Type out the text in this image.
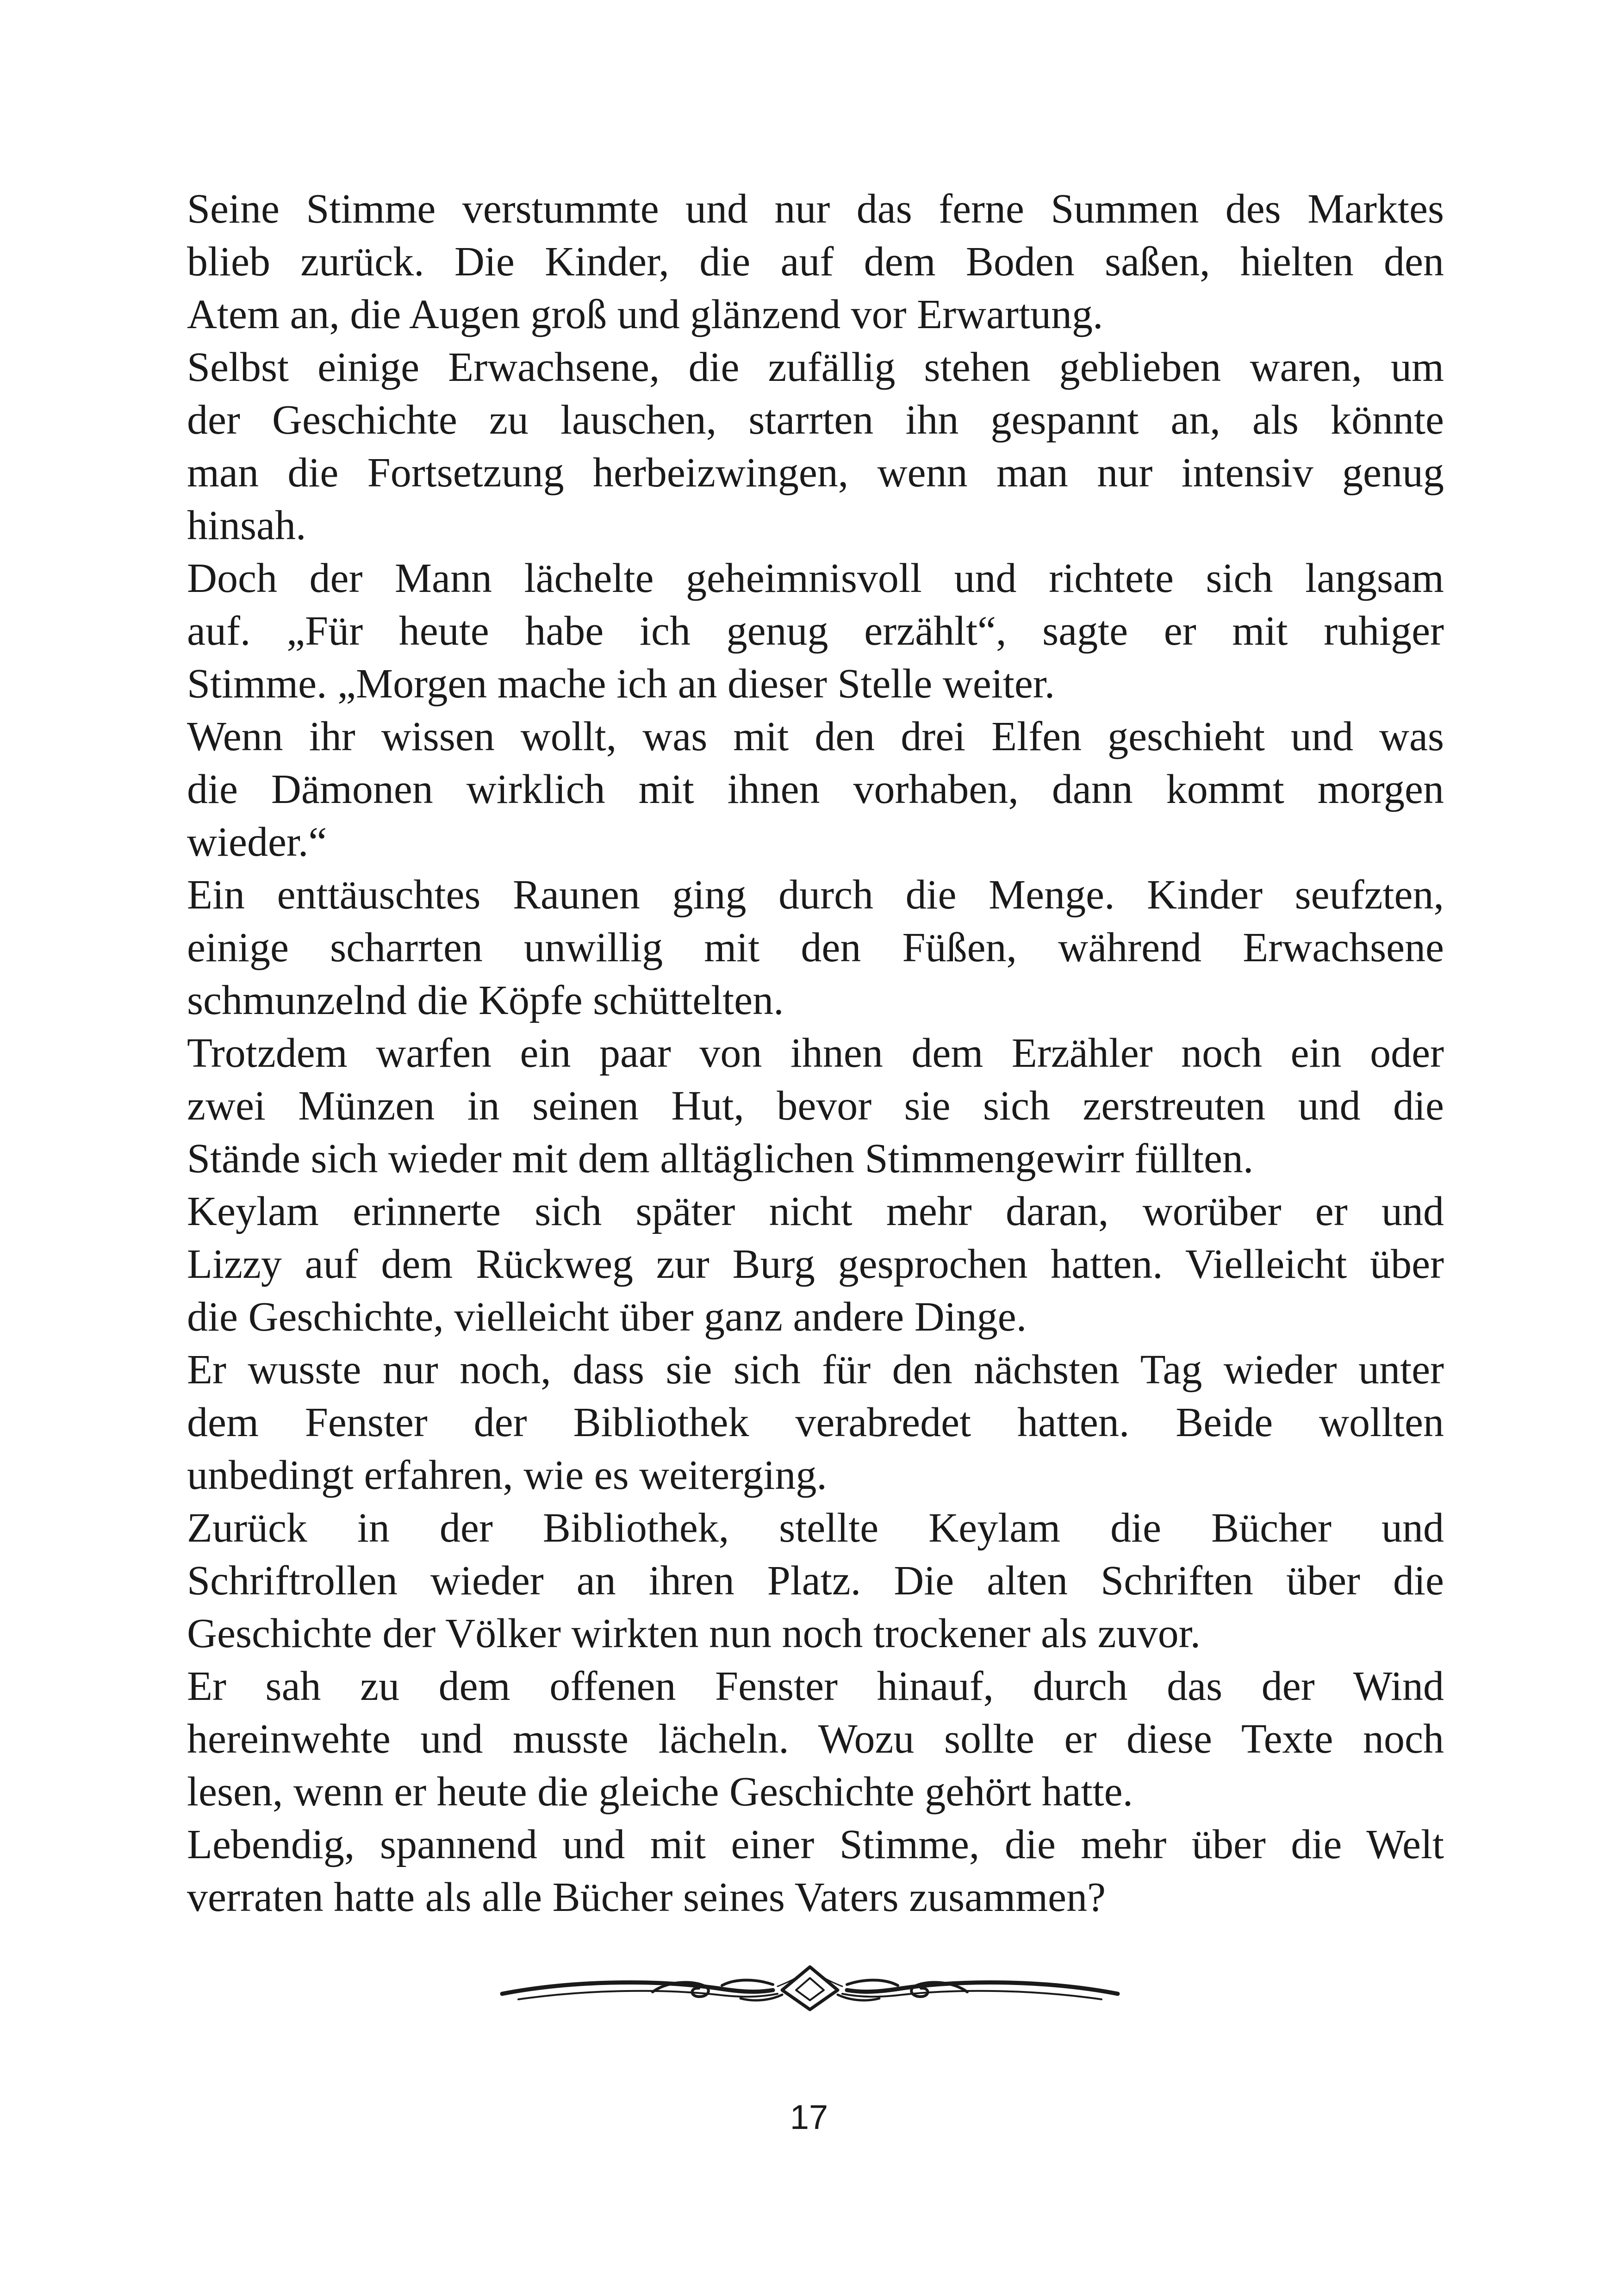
Seine Stimme verstummte und nur das ferne Summen des Marktes
blieb zurück. Die Kinder, die auf dem Boden saßen, hielten den
Atem an, die Augen groß und glänzend vor Erwartung.
Selbst einige Erwachsene, die zufällig stehen geblieben waren, um
der Geschichte zu lauschen, starrten ihn gespannt an, als könnte
man die Fortsetzung herbeizwingen, wenn man nur intensiv genug
hinsah.
Doch der Mann lächelte geheimnisvoll und richtete sich langsam
auf. „Für heute habe ich genug erzählt“, sagte er mit ruhiger
Stimme. „Morgen mache ich an dieser Stelle weiter.
Wenn ihr wissen wollt, was mit den drei Elfen geschieht und was
die Dämonen wirklich mit ihnen vorhaben, dann kommt morgen
wieder.“
Ein enttäuschtes Raunen ging durch die Menge. Kinder seufzten,
einige scharrten unwillig mit den Füßen, während Erwachsene
schmunzelnd die Köpfe schüttelten.
Trotzdem warfen ein paar von ihnen dem Erzähler noch ein oder
zwei Münzen in seinen Hut, bevor sie sich zerstreuten und die
Stände sich wieder mit dem alltäglichen Stimmengewirr füllten.
Keylam erinnerte sich später nicht mehr daran, worüber er und
Lizzy auf dem Rückweg zur Burg gesprochen hatten. Vielleicht über
die Geschichte, vielleicht über ganz andere Dinge.
Er wusste nur noch, dass sie sich für den nächsten Tag wieder unter
dem Fenster der Bibliothek verabredet hatten. Beide wollten
unbedingt erfahren, wie es weiterging.
Zurück in der Bibliothek, stellte Keylam die Bücher und
Schriftrollen wieder an ihren Platz. Die alten Schriften über die
Geschichte der Völker wirkten nun noch trockener als zuvor.
Er sah zu dem offenen Fenster hinauf, durch das der Wind
hereinwehte und musste lächeln. Wozu sollte er diese Texte noch
lesen, wenn er heute die gleiche Geschichte gehört hatte.
Lebendig, spannend und mit einer Stimme, die mehr über die Welt
verraten hatte als alle Bücher seines Vaters zusammen?
17
